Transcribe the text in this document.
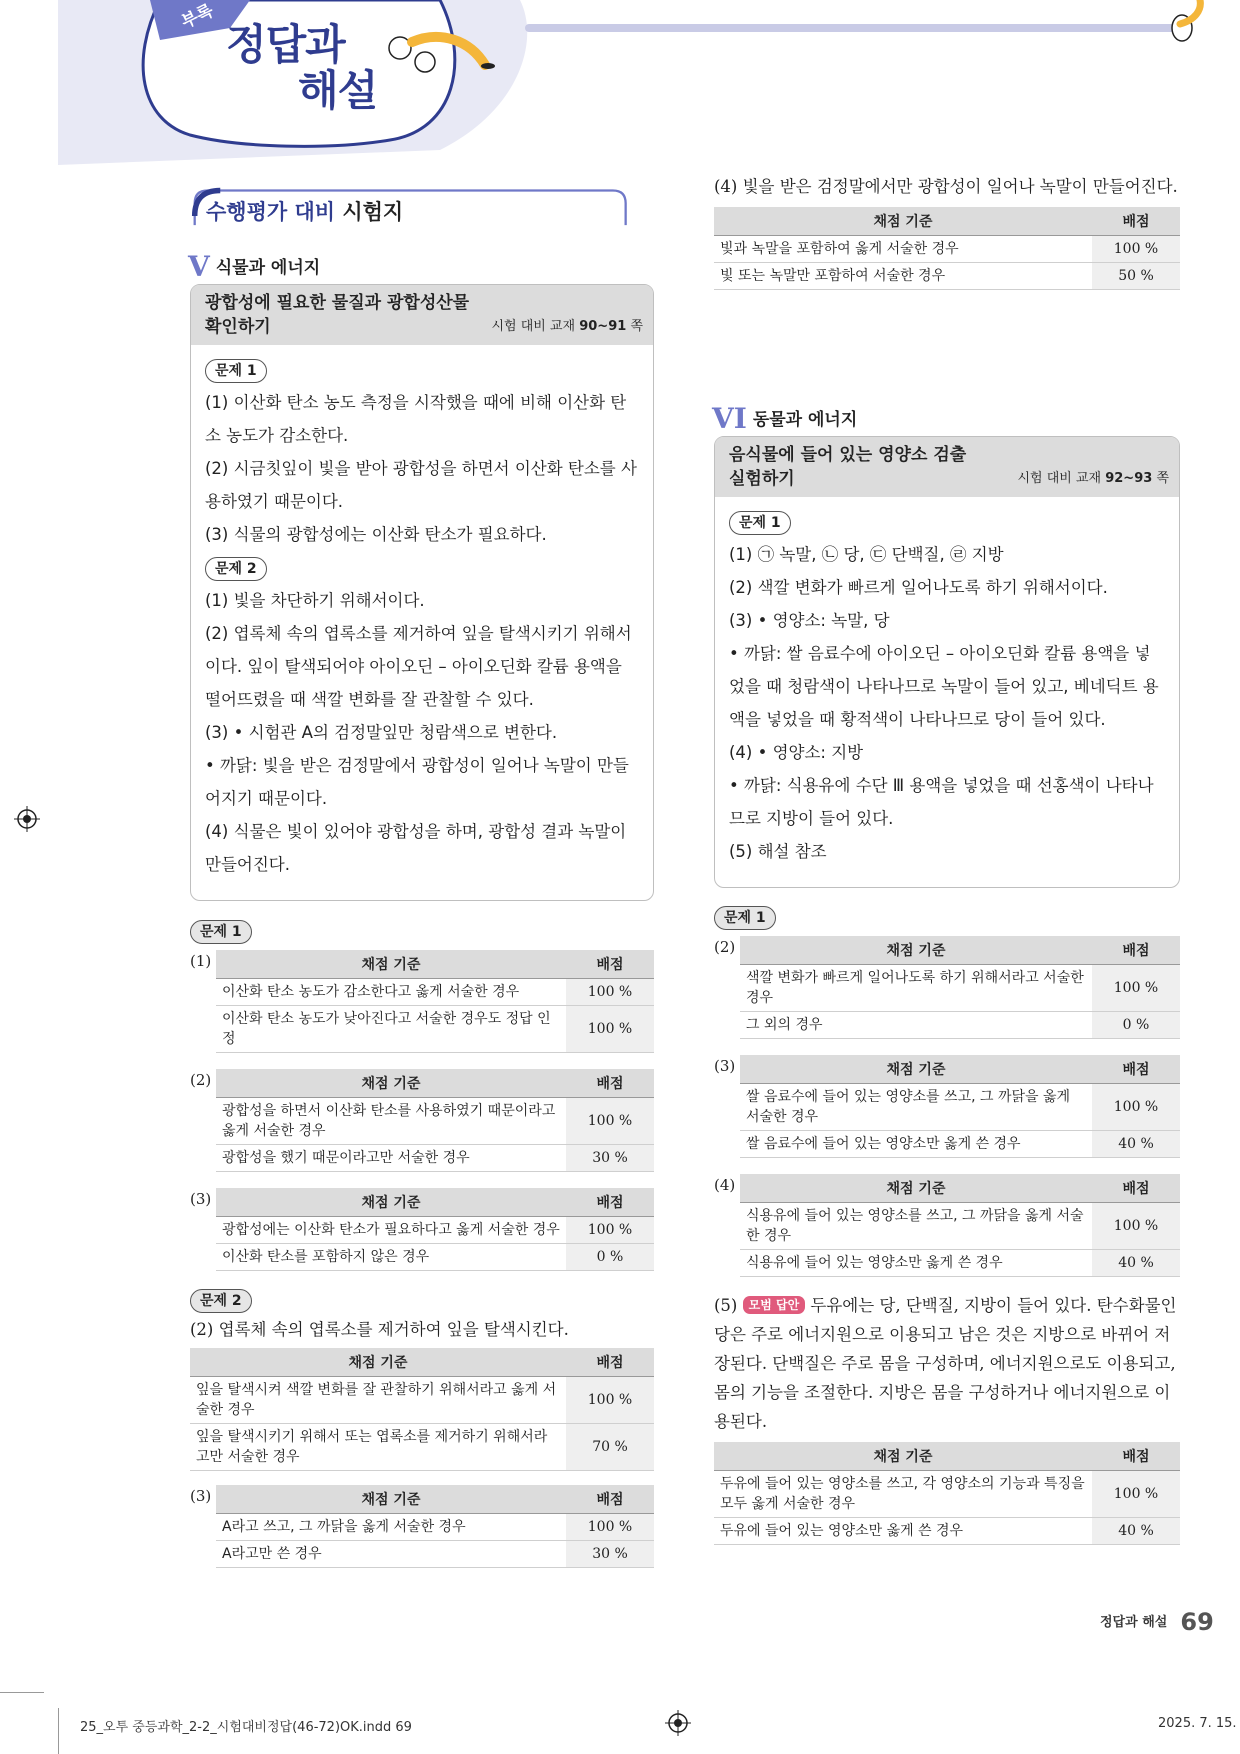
부록
정답과
해설
수행평가 대비 시험지
V식물과 에너지
광합성에 필요한 물질과 광합성산물
확인하기	시험 대비 교재 90~91 쪽
문제 1
(1) 이산화 탄소 농도 측정을 시작했을 때에 비해 이산화 탄소 농도가 감소한다.
(2) 시금칫잎이 빛을 받아 광합성을 하면서 이산화 탄소를 사용하였기 때문이다.
(3) 식물의 광합성에는 이산화 탄소가 필요하다.
문제 2
(1) 빛을 차단하기 위해서이다.
(2) 엽록체 속의 엽록소를 제거하여 잎을 탈색시키기 위해서이다. 잎이 탈색되어야 아이오딘 – 아이오딘화 칼륨 용액을 떨어뜨렸을 때 색깔 변화를 잘 관찰할 수 있다.
(3) • 시험관 A의 검정말잎만 청람색으로 변한다.
• 까닭: 빛을 받은 검정말에서 광합성이 일어나 녹말이 만들어지기 때문이다.
(4) 식물은 빛이 있어야 광합성을 하며, 광합성 결과 녹말이 만들어진다.
문제 1
(1)	채점 기준	배점
이산화 탄소 농도가 감소한다고 옳게 서술한 경우	100 %
이산화 탄소 농도가 낮아진다고 서술한 경우도 정답 인정	100 %
(2)	채점 기준	배점
광합성을 하면서 이산화 탄소를 사용하였기 때문이라고 옳게 서술한 경우	100 %
광합성을 했기 때문이라고만 서술한 경우	30 %
(3)	채점 기준	배점
광합성에는 이산화 탄소가 필요하다고 옳게 서술한 경우	100 %
이산화 탄소를 포함하지 않은 경우	0 %
문제 2
(2) 엽록체 속의 엽록소를 제거하여 잎을 탈색시킨다.
채점 기준	배점
잎을 탈색시켜 색깔 변화를 잘 관찰하기 위해서라고 옳게 서술한 경우	100 %
잎을 탈색시키기 위해서 또는 엽록소를 제거하기 위해서라고만 서술한 경우	70 %
(3)	채점 기준	배점
A라고 쓰고, 그 까닭을 옳게 서술한 경우	100 %
A라고만 쓴 경우	30 %
(4) 빛을 받은 검정말에서만 광합성이 일어나 녹말이 만들어진다.
채점 기준	배점
빛과 녹말을 포함하여 옳게 서술한 경우	100 %
빛 또는 녹말만 포함하여 서술한 경우	50 %
VI 동물과 에너지
음식물에 들어 있는 영양소 검출
실험하기	시험 대비 교재 92~93 쪽
문제 1
(1) ㉠ 녹말, ㉡ 당, ㉢ 단백질, ㉣ 지방
(2) 색깔 변화가 빠르게 일어나도록 하기 위해서이다.
(3) • 영양소: 녹말, 당
• 까닭: 쌀 음료수에 아이오딘 – 아이오딘화 칼륨 용액을 넣었을 때 청람색이 나타나므로 녹말이 들어 있고, 베네딕트 용액을 넣었을 때 황적색이 나타나므로 당이 들어 있다.
(4) • 영양소: 지방
• 까닭: 식용유에 수단 Ⅲ 용액을 넣었을 때 선홍색이 나타나므로 지방이 들어 있다.
(5) 해설 참조
문제 1
(2)	채점 기준	배점
색깔 변화가 빠르게 일어나도록 하기 위해서라고 서술한 경우	100 %
그 외의 경우	0 %
(3)	채점 기준	배점
쌀 음료수에 들어 있는 영양소를 쓰고, 그 까닭을 옳게 서술한 경우	100 %
쌀 음료수에 들어 있는 영양소만 옳게 쓴 경우	40 %
(4)	채점 기준	배점
식용유에 들어 있는 영양소를 쓰고, 그 까닭을 옳게 서술한 경우	100 %
식용유에 들어 있는 영양소만 옳게 쓴 경우	40 %
(5) 모범 답안 두유에는 당, 단백질, 지방이 들어 있다. 탄수화물인 당은 주로 에너지원으로 이용되고 남은 것은 지방으로 바뀌어 저장된다. 단백질은 주로 몸을 구성하며, 에너지원으로도 이용되고, 몸의 기능을 조절한다. 지방은 몸을 구성하거나 에너지원으로 이용된다.
채점 기준	배점
두유에 들어 있는 영양소를 쓰고, 각 영양소의 기능과 특징을 모두 옳게 서술한 경우	100 %
두유에 들어 있는 영양소만 옳게 쓴 경우	40 %
$^{정답과 해설}$ 69
25_오투 중등과학_2-2_시험대비정답(46-72)OK.indd 69	2025. 7. 15.
